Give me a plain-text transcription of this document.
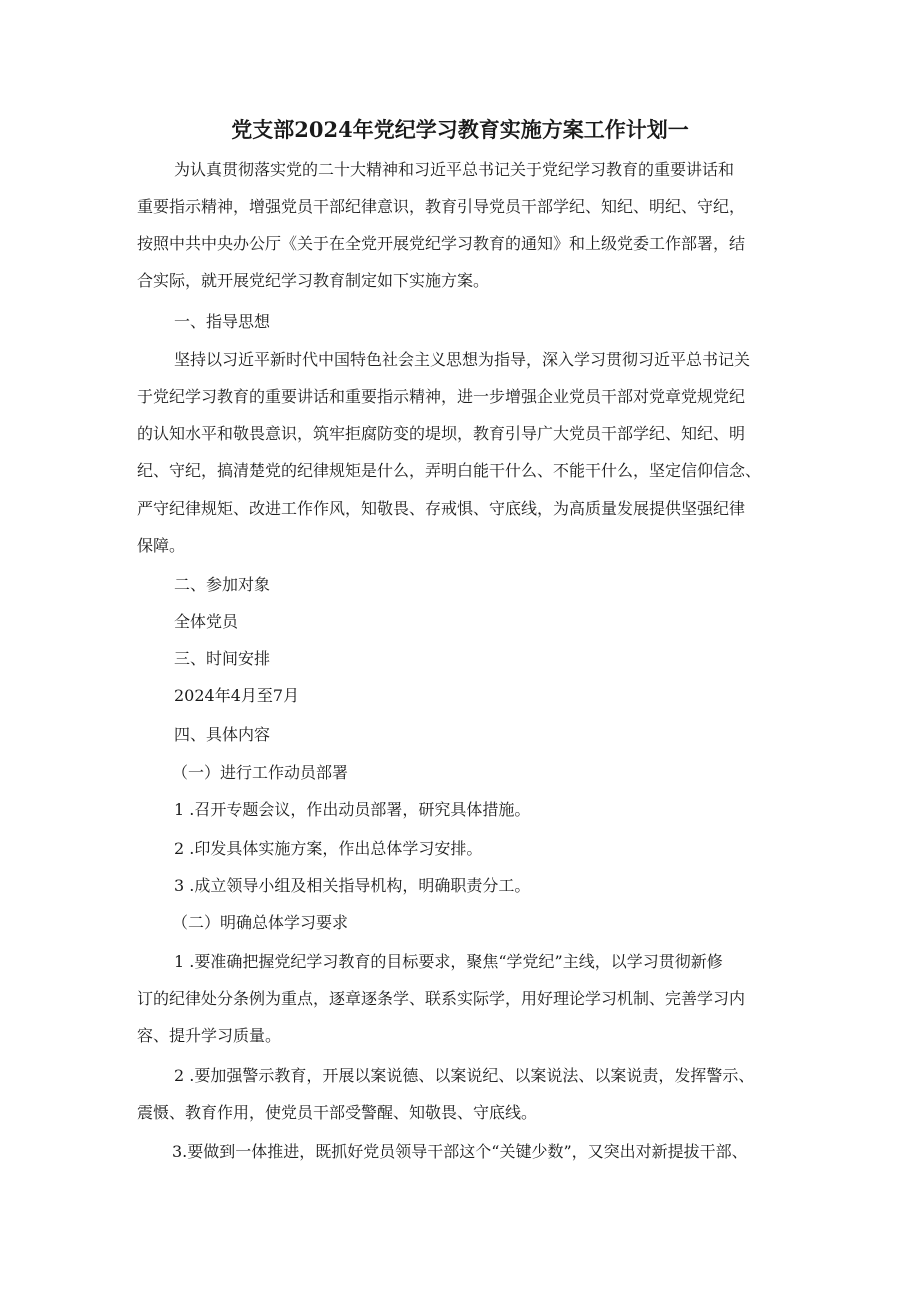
党支部2024年党纪学习教育实施方案工作计划一
为认真贯彻落实党的二十大精神和习近平总书记关于党纪学习教育的重要讲话和
重要指示精神，增强党员干部纪律意识，教育引导党员干部学纪、知纪、明纪、守纪，
按照中共中央办公厅《关于在全党开展党纪学习教育的通知》和上级党委工作部署，结
合实际，就开展党纪学习教育制定如下实施方案。
一、指导思想
坚持以习近平新时代中国特色社会主义思想为指导，深入学习贯彻习近平总书记关
于党纪学习教育的重要讲话和重要指示精神，进一步增强企业党员干部对党章党规党纪
的认知水平和敬畏意识，筑牢拒腐防变的堤坝，教育引导广大党员干部学纪、知纪、明
纪、守纪，搞清楚党的纪律规矩是什么，弄明白能干什么、不能干什么，坚定信仰信念、
严守纪律规矩、改进工作作风，知敬畏、存戒惧、守底线，为高质量发展提供坚强纪律
保障。
二、参加对象
全体党员
三、时间安排
2024年4月至7月
四、具体内容
（一）进行工作动员部署
1 .召开专题会议，作出动员部署，研究具体措施。
2 .印发具体实施方案，作出总体学习安排。
3 .成立领导小组及相关指导机构，明确职责分工。
（二）明确总体学习要求
1 .要准确把握党纪学习教育的目标要求，聚焦“学党纪”主线，以学习贯彻新修
订的纪律处分条例为重点，逐章逐条学、联系实际学，用好理论学习机制、完善学习内
容、提升学习质量。
2 .要加强警示教育，开展以案说德、以案说纪、以案说法、以案说责，发挥警示、
震慑、教育作用，使党员干部受警醒、知敬畏、守底线。
3.要做到一体推进，既抓好党员领导干部这个“关键少数”，又突出对新提拔干部、
